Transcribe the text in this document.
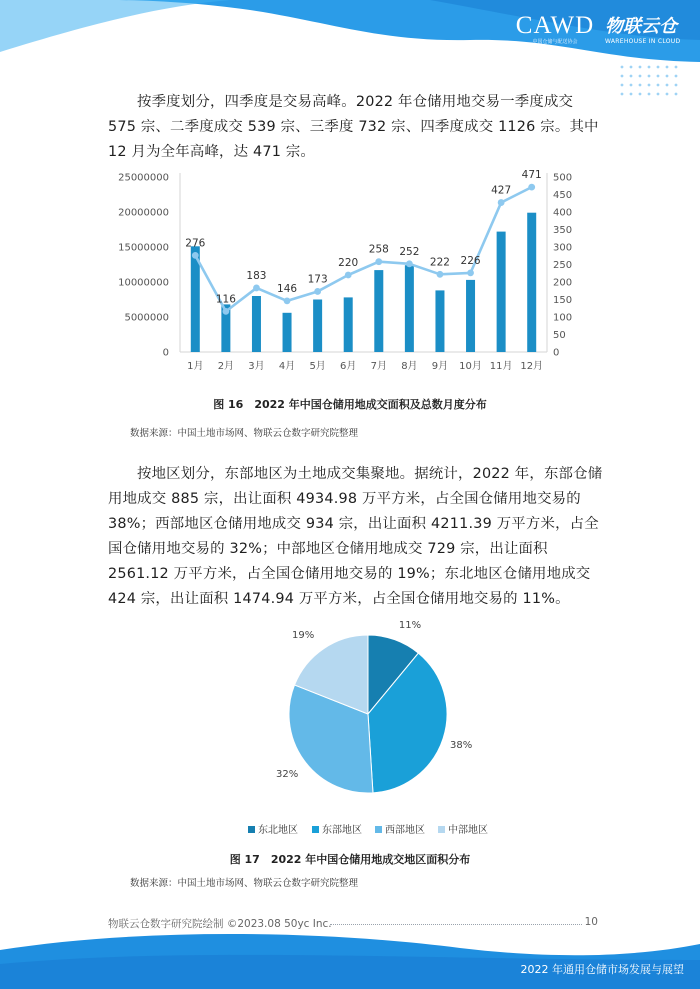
CAWD
中国仓储与配送协会
物联云仓
WAREHOUSE IN CLOUD
按季度划分，四季度是交易高峰。2022 年仓储用地交易一季度成交 575 宗、二季度成交 539 宗、三季度 732 宗、四季度成交 1126 宗。其中 12 月为全年高峰，达 471 宗。
0
5000000
10000000
15000000
20000000
25000000
0
50
100
150
200
250
300
350
400
450
500
1月 2月 3月 4月 5月 6月 7月 8月 9月 10月 11月 12月
276
116
183
146
173
220
258 252
222 226
427
471
图 16　2022 年中国仓储用地成交面积及总数月度分布
数据来源：中国土地市场网、物联云仓数字研究院整理
按地区划分，东部地区为土地成交集聚地。据统计，2022 年，东部仓储用地成交 885 宗，出让面积 4934.98 万平方米，占全国仓储用地交易的 38%；西部地区仓储用地成交 934 宗，出让面积 4211.39 万平方米，占全国仓储用地交易的 32%；中部地区仓储用地成交 729 宗，出让面积 2561.12 万平方米，占全国仓储用地交易的 19%；东北地区仓储用地成交 424 宗，出让面积 1474.94 万平方米，占全国仓储用地交易的 11%。
11%
38%
32%
19%
东北地区 东部地区 西部地区 中部地区
图 17　2022 年中国仓储用地成交地区面积分布
数据来源：中国土地市场网、物联云仓数字研究院整理
物联云仓数字研究院绘制 ©2023.08 50yc Inc.	10
2022 年通用仓储市场发展与展望
